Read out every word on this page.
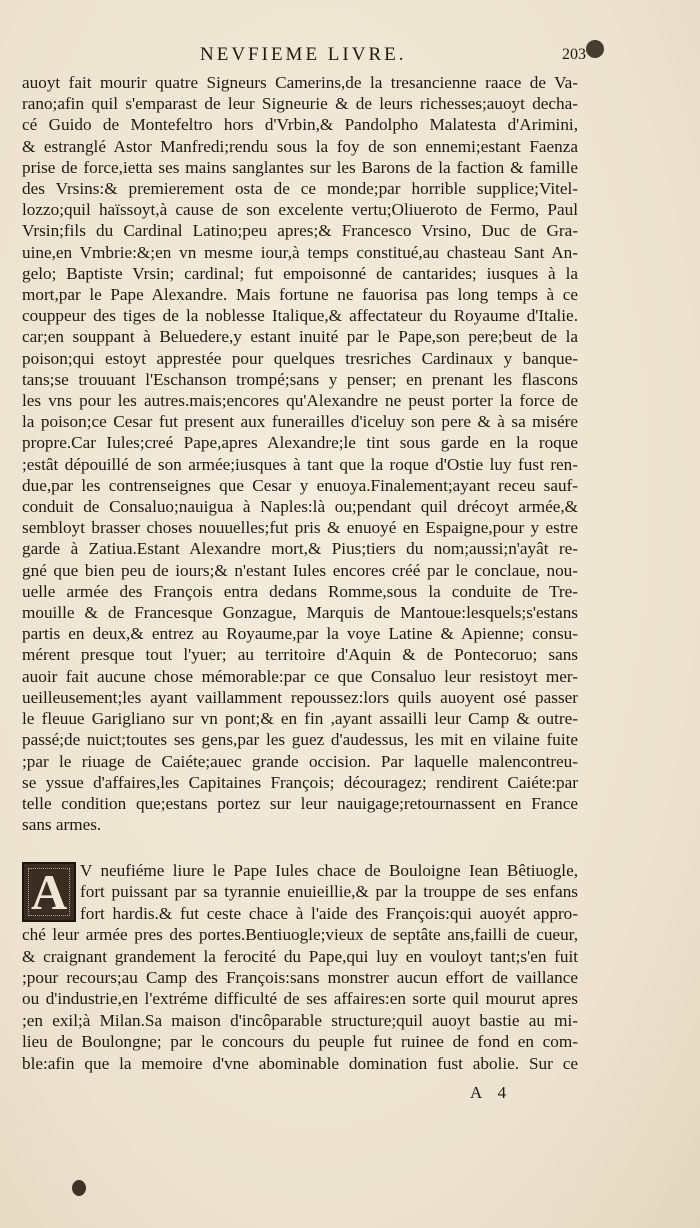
NEVFIEME LIVRE.	203
auoyt fait mourir quatre Signeurs Camerins,de la tresancienne raace de Va-
rano;afin quil s'emparast de leur Signeurie & de leurs richesses;auoyt decha-
cé Guido de Montefeltro hors d'Vrbin,& Pandolpho Malatesta d'Arimini,
& estranglé Astor Manfredi;rendu sous la foy de son ennemi;estant Faenza
prise de force,ietta ses mains sanglantes sur les Barons de la faction & famille
des Vrsins:& premierement osta de ce monde;par horrible supplice;Vitel-
lozzo;quil haïssoyt,à cause de son excelente vertu;Oliueroto de Fermo, Paul
Vrsin;fils du Cardinal Latino;peu apres;& Francesco Vrsino, Duc de Gra-
uine,en Vmbrie:&;en vn mesme iour,à temps constitué,au chasteau Sant An-
gelo; Baptiste Vrsin; cardinal; fut empoisonné de cantarides; iusques à la
mort,par le Pape Alexandre. Mais fortune ne fauorisa pas long temps à ce
couppeur des tiges de la noblesse Italique,& affectateur du Royaume d'Italie.
car;en souppant à Beluedere,y estant inuité par le Pape,son pere;beut de la
poison;qui estoyt apprestée pour quelques tresriches Cardinaux y banque-
tans;se trouuant l'Eschanson trompé;sans y penser; en prenant les flascons
les vns pour les autres.mais;encores qu'Alexandre ne peust porter la force de
la poison;ce Cesar fut present aux funerailles d'iceluy son pere & à sa misére
propre.Car Iules;creé Pape,apres Alexandre;le tint sous garde en la roque
;estât dépouillé de son armée;iusques à tant que la roque d'Ostie luy fust ren-
due,par les contrenseignes que Cesar y enuoya.Finalement;ayant receu sauf-
conduit de Consaluo;nauigua à Naples:là ou;pendant quil drécoyt armée,&
sembloyt brasser choses nouuelles;fut pris & enuoyé en Espaigne,pour y estre
garde à Zatiua.Estant Alexandre mort,& Pius;tiers du nom;aussi;n'ayât re-
gné que bien peu de iours;& n'estant Iules encores créé par le conclaue, nou-
uelle armée des François entra dedans Romme,sous la conduite de Tre-
mouille & de Francesque Gonzague, Marquis de Mantoue:lesquels;s'estans
partis en deux,& entrez au Royaume,par la voye Latine & Apienne; consu-
mérent presque tout l'yuer; au territoire d'Aquin & de Pontecoruo; sans
auoir fait aucune chose mémorable:par ce que Consaluo leur resistoyt mer-
ueilleusement;les ayant vaillamment repoussez:lors quils auoyent osé passer
le fleuue Garigliano sur vn pont;& en fin ,ayant assailli leur Camp & outre-
passé;de nuict;toutes ses gens,par les guez d'audessus, les mit en vilaine fuite
;par le riuage de Caiéte;auec grande occision. Par laquelle malencontreu-
se yssue d'affaires,les Capitaines François; découragez; rendirent Caiéte:par
telle condition que;estans portez sur leur nauigage;retournassent en France
sans armes.
A V neufiéme liure le Pape Iules chace de Bouloigne Iean Bêtiuogle,
fort puissant par sa tyrannie enuieillie,& par la trouppe de ses enfans
fort hardis.& fut ceste chace à l'aide des François:qui auoyét appro-
ché leur armée pres des portes.Bentiuogle;vieux de septâte ans,failli de cueur,
& craignant grandement la ferocité du Pape,qui luy en vouloyt tant;s'en fuit
;pour recours;au Camp des François:sans monstrer aucun effort de vaillance
ou d'industrie,en l'extréme difficulté de ses affaires:en sorte quil mourut apres
;en exil;à Milan.Sa maison d'incôparable structure;quil auoyt bastie au mi-
lieu de Boulongne; par le concours du peuple fut ruinee de fond en com-
ble:afin que la memoire d'vne abominable domination fust abolie. Sur ce
A 4
